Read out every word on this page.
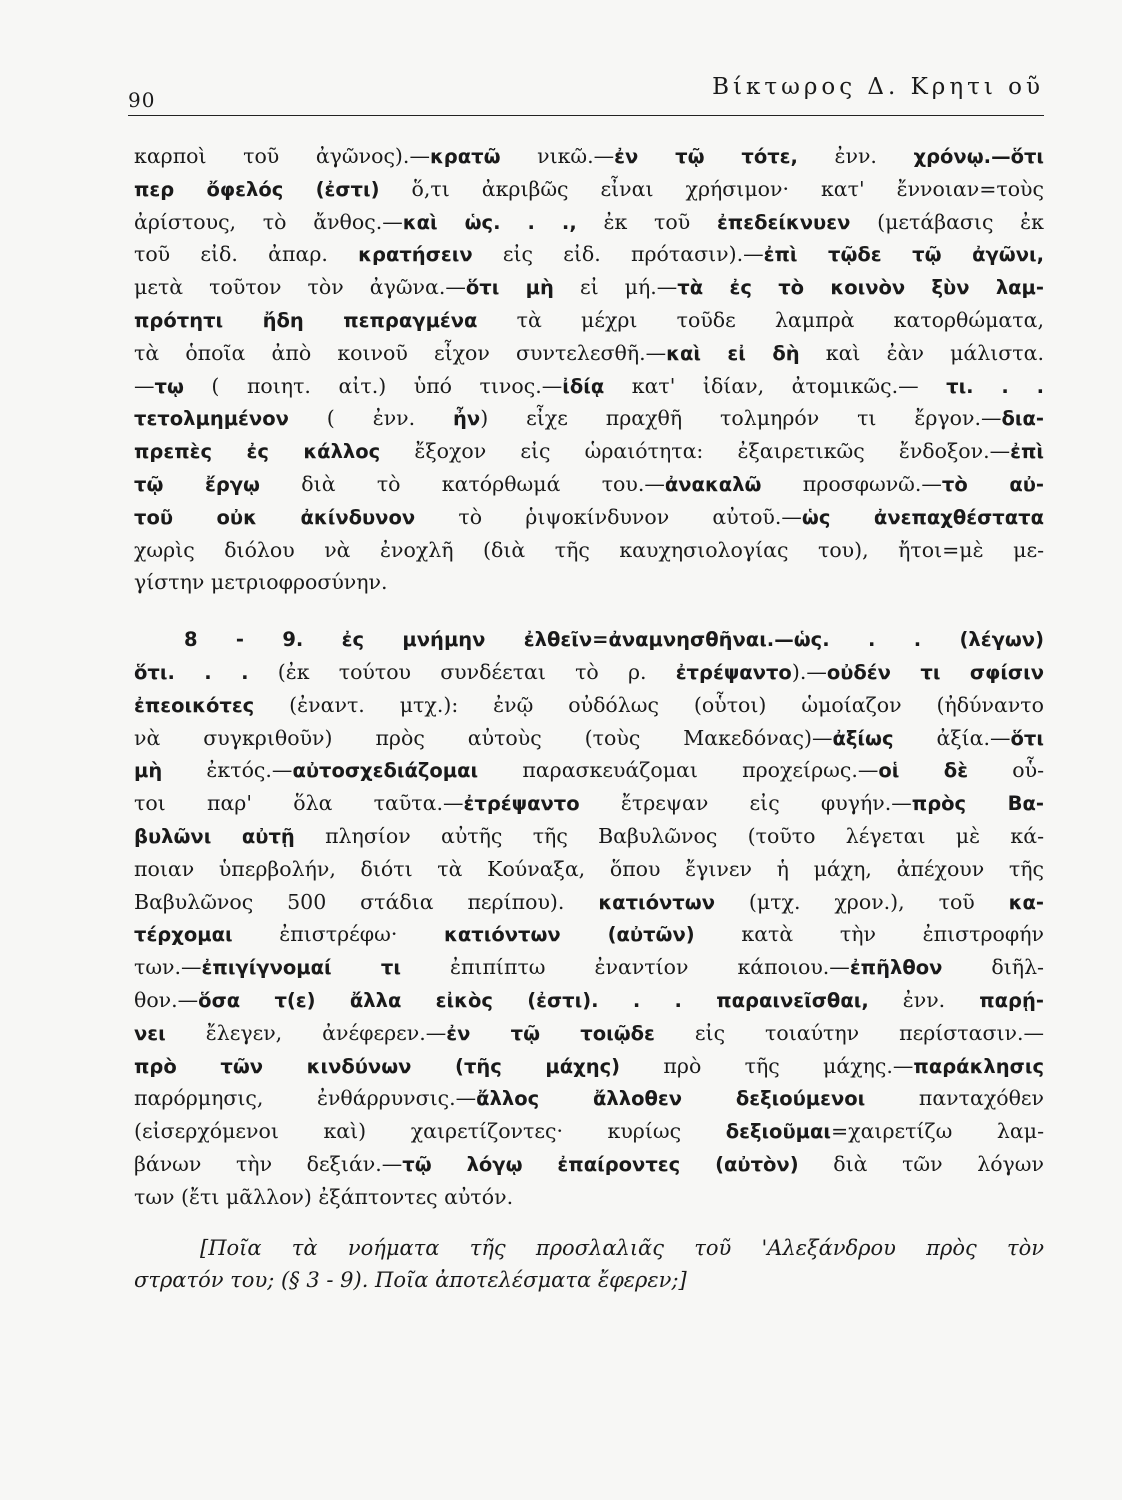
90	Βίκτωρος Δ. Κρητι οῦ
καρποὶ τοῦ ἀγῶνος).—κρατῶ νικῶ.—ἐν τῷ τότε, ἐνν. χρόνῳ.—ὅτι
περ ὄφελός (ἐστι) ὅ,τι ἀκριβῶς εἶναι χρήσιμον· κατ' ἔννοιαν=τοὺς
ἀρίστους, τὸ ἄνθος.—καὶ ὡς. . ., ἐκ τοῦ ἐπεδείκνυεν (μετάβασις ἐκ
τοῦ εἰδ. ἀπαρ. κρατήσειν εἰς εἰδ. πρότασιν).—ἐπὶ τῷδε τῷ ἀγῶνι,
μετὰ τοῦτον τὸν ἀγῶνα.—ὅτι μὴ εἰ μή.—τὰ ἐς τὸ κοινὸν ξὺν λαμ-
πρότητι ἤδη πεπραγμένα τὰ μέχρι τοῦδε λαμπρὰ κατορθώματα,
τὰ ὁποῖα ἀπὸ κοινοῦ εἶχον συντελεσθῆ.—καὶ εἰ δὴ καὶ ἐὰν μάλιστα.
—τῳ ( ποιητ. αἰτ.) ὑπό τινος.—ἰδίᾳ κατ' ἰδίαν, ἀτομικῶς.— τι. . .
τετολμημένον ( ἐνν. ἦν) εἶχε πραχθῆ τολμηρόν τι ἔργον.—δια-
πρεπὲς ἐς κάλλος ἔξοχον εἰς ὡραιότητα: ἐξαιρετικῶς ἔνδοξον.—ἐπὶ
τῷ ἔργῳ διὰ τὸ κατόρθωμά του.—ἀνακαλῶ προσφωνῶ.—τὸ αὐ-
τοῦ οὐκ ἀκίνδυνον τὸ ῥιψοκίνδυνον αὐτοῦ.—ὡς ἀνεπαχθέστατα
χωρὶς διόλου νὰ ἐνοχλῆ (διὰ τῆς καυχησιολογίας του), ἤτοι=μὲ με-
γίστην μετριοφροσύνην.
8 - 9. ἐς μνήμην ἐλθεῖν=ἀναμνησθῆναι.—ὡς. . . (λέγων)
ὅτι. . . (ἐκ τούτου συνδέεται τὸ ρ. ἐτρέψαντο).—οὐδέν τι σφίσιν
ἐπεοικότες (ἐναντ. μτχ.): ἐνῷ οὐδόλως (οὗτοι) ὡμοίαζον (ἠδύναντο
νὰ συγκριθοῦν) πρὸς αὐτοὺς (τοὺς Μακεδόνας)—ἀξίως ἀξία.—ὅτι
μὴ ἐκτός.—αὐτοσχεδιάζομαι παρασκευάζομαι προχείρως.—οἱ δὲ οὗ-
τοι παρ' ὅλα ταῦτα.—ἐτρέψαντο ἔτρεψαν εἰς φυγήν.—πρὸς Βα-
βυλῶνι αὐτῇ πλησίον αὐτῆς τῆς Βαβυλῶνος (τοῦτο λέγεται μὲ κά-
ποιαν ὑπερβολήν, διότι τὰ Κούναξα, ὅπου ἔγινεν ἡ μάχη, ἀπέχουν τῆς
Βαβυλῶνος 500 στάδια περίπου). κατιόντων (μτχ. χρον.), τοῦ κα-
τέρχομαι ἐπιστρέφω· κατιόντων (αὐτῶν) κατὰ τὴν ἐπιστροφήν
των.—ἐπιγίγνομαί τι ἐπιπίπτω ἐναντίον κάποιου.—ἐπῆλθον διῆλ-
θον.—ὅσα τ(ε) ἄλλα εἰκὸς (ἐστι). . . παραινεῖσθαι, ἐνν. παρῄ-
νει ἔλεγεν, ἀνέφερεν.—ἐν τῷ τοιῷδε εἰς τοιαύτην περίστασιν.—
πρὸ τῶν κινδύνων (τῆς μάχης) πρὸ τῆς μάχης.—παράκλησις
παρόρμησις, ἐνθάρρυνσις.—ἄλλος ἄλλοθεν δεξιούμενοι πανταχόθεν
(εἰσερχόμενοι καὶ) χαιρετίζοντες· κυρίως δεξιοῦμαι=χαιρετίζω λαμ-
βάνων τὴν δεξιάν.—τῷ λόγῳ ἐπαίροντες (αὐτὸν) διὰ τῶν λόγων
των (ἔτι μᾶλλον) ἐξάπτοντες αὐτόν.
[Ποῖα τὰ νοήματα τῆς προσλαλιᾶς τοῦ 'Αλεξάνδρου πρὸς τὸν
στρατόν του; (§ 3 - 9). Ποῖα ἀποτελέσματα ἔφερεν;]
